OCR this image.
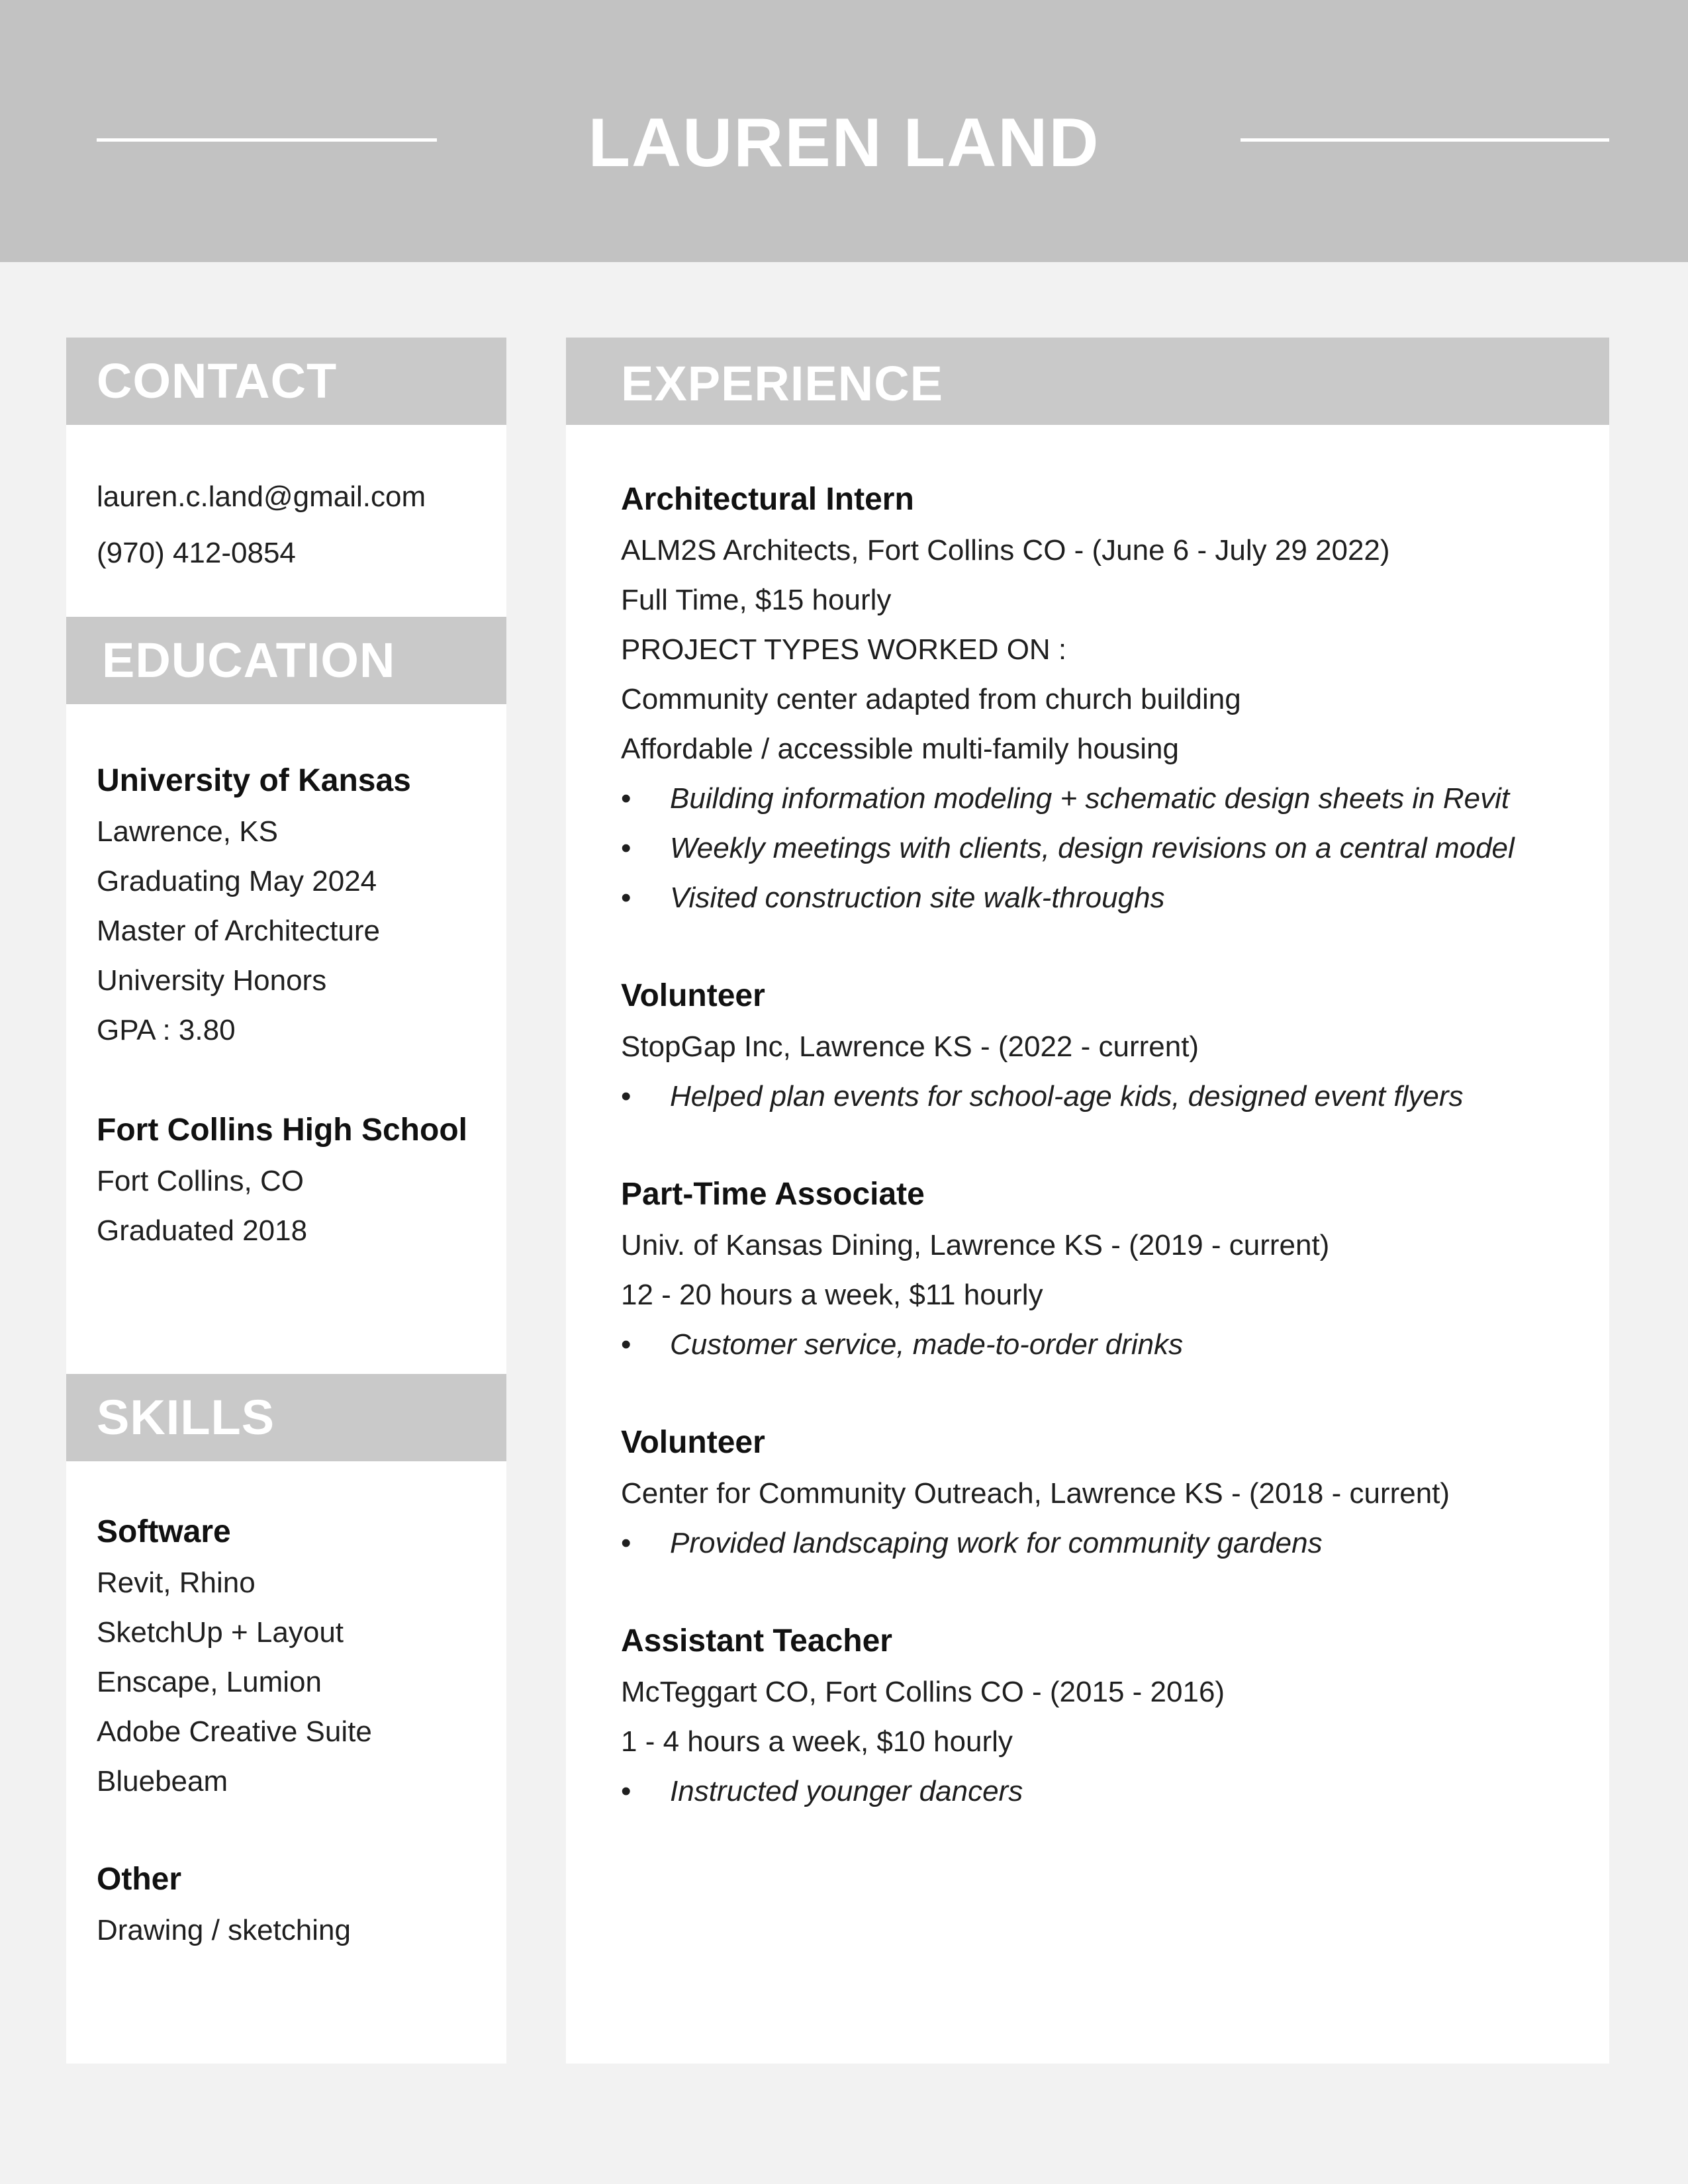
LAUREN LAND
CONTACT
lauren.c.land@gmail.com
(970) 412-0854
EDUCATION
University of Kansas
Lawrence, KS
Graduating May 2024
Master of Architecture
University Honors
GPA : 3.80
Fort Collins High School
Fort Collins, CO
Graduated 2018
SKILLS
Software
Revit, Rhino
SketchUp + Layout
Enscape, Lumion
Adobe Creative Suite
Bluebeam
Other
Drawing / sketching
EXPERIENCE
Architectural Intern
ALM2S Architects, Fort Collins CO - (June 6 - July 29 2022)
Full Time, $15 hourly
PROJECT TYPES WORKED ON :
Community center adapted from church building
Affordable / accessible multi-family housing
• Building information modeling + schematic design sheets in Revit
• Weekly meetings with clients, design revisions on a central model
• Visited construction site walk-throughs
Volunteer
StopGap Inc, Lawrence KS - (2022 - current)
• Helped plan events for school-age kids, designed event flyers
Part-Time Associate
Univ. of Kansas Dining, Lawrence KS - (2019 - current)
12 - 20 hours a week, $11 hourly
• Customer service, made-to-order drinks
Volunteer
Center for Community Outreach, Lawrence KS - (2018 - current)
• Provided landscaping work for community gardens
Assistant Teacher
McTeggart CO, Fort Collins CO - (2015 - 2016)
1 - 4 hours a week, $10 hourly
• Instructed younger dancers
